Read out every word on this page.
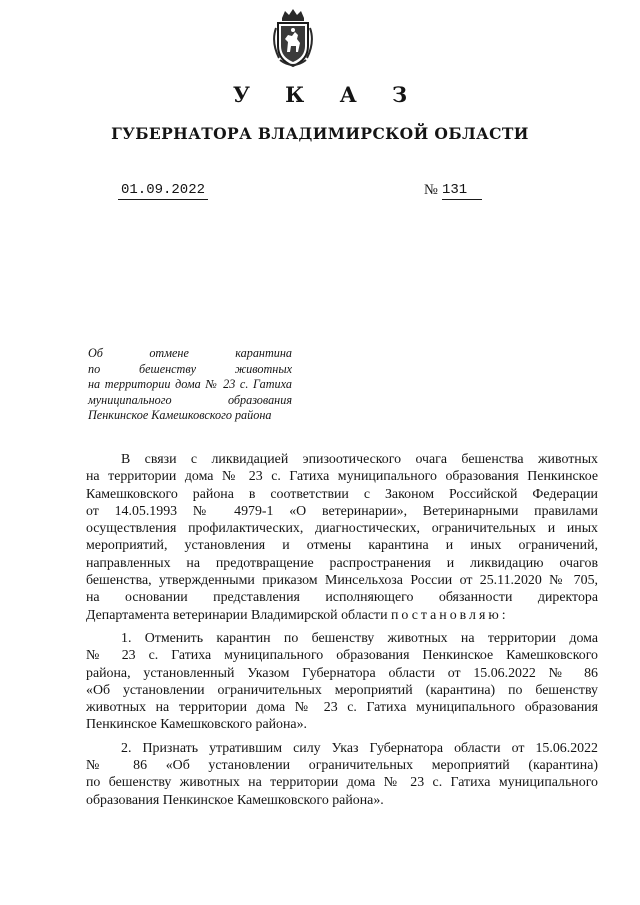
У К А З
ГУБЕРНАТОРА ВЛАДИМИРСКОЙ ОБЛАСТИ
01.09.2022	№ 131
Об отмене карантина
по бешенству животных
на территории дома № 23 с. Гатиха
муниципального образования
Пенкинское Камешковского района
В связи с ликвидацией эпизоотического очага бешенства животных
на территории дома № 23 с. Гатиха муниципального образования Пенкинское
Камешковского района в соответствии с Законом Российской Федерации
от 14.05.1993 № 4979-1 «О ветеринарии», Ветеринарными правилами
осуществления профилактических, диагностических, ограничительных и иных
мероприятий, установления и отмены карантина и иных ограничений,
направленных на предотвращение распространения и ликвидацию очагов
бешенства, утвержденными приказом Минсельхоза России от 25.11.2020 № 705,
на основании представления исполняющего обязанности директора
Департамента ветеринарии Владимирской области постановляю:
1. Отменить карантин по бешенству животных на территории дома
№ 23 с. Гатиха муниципального образования Пенкинское Камешковского
района, установленный Указом Губернатора области от 15.06.2022 № 86
«Об установлении ограничительных мероприятий (карантина) по бешенству
животных на территории дома № 23 с. Гатиха муниципального образования
Пенкинское Камешковского района».
2. Признать утратившим силу Указ Губернатора области от 15.06.2022
№ 86 «Об установлении ограничительных мероприятий (карантина)
по бешенству животных на территории дома № 23 с. Гатиха муниципального
образования Пенкинское Камешковского района».
